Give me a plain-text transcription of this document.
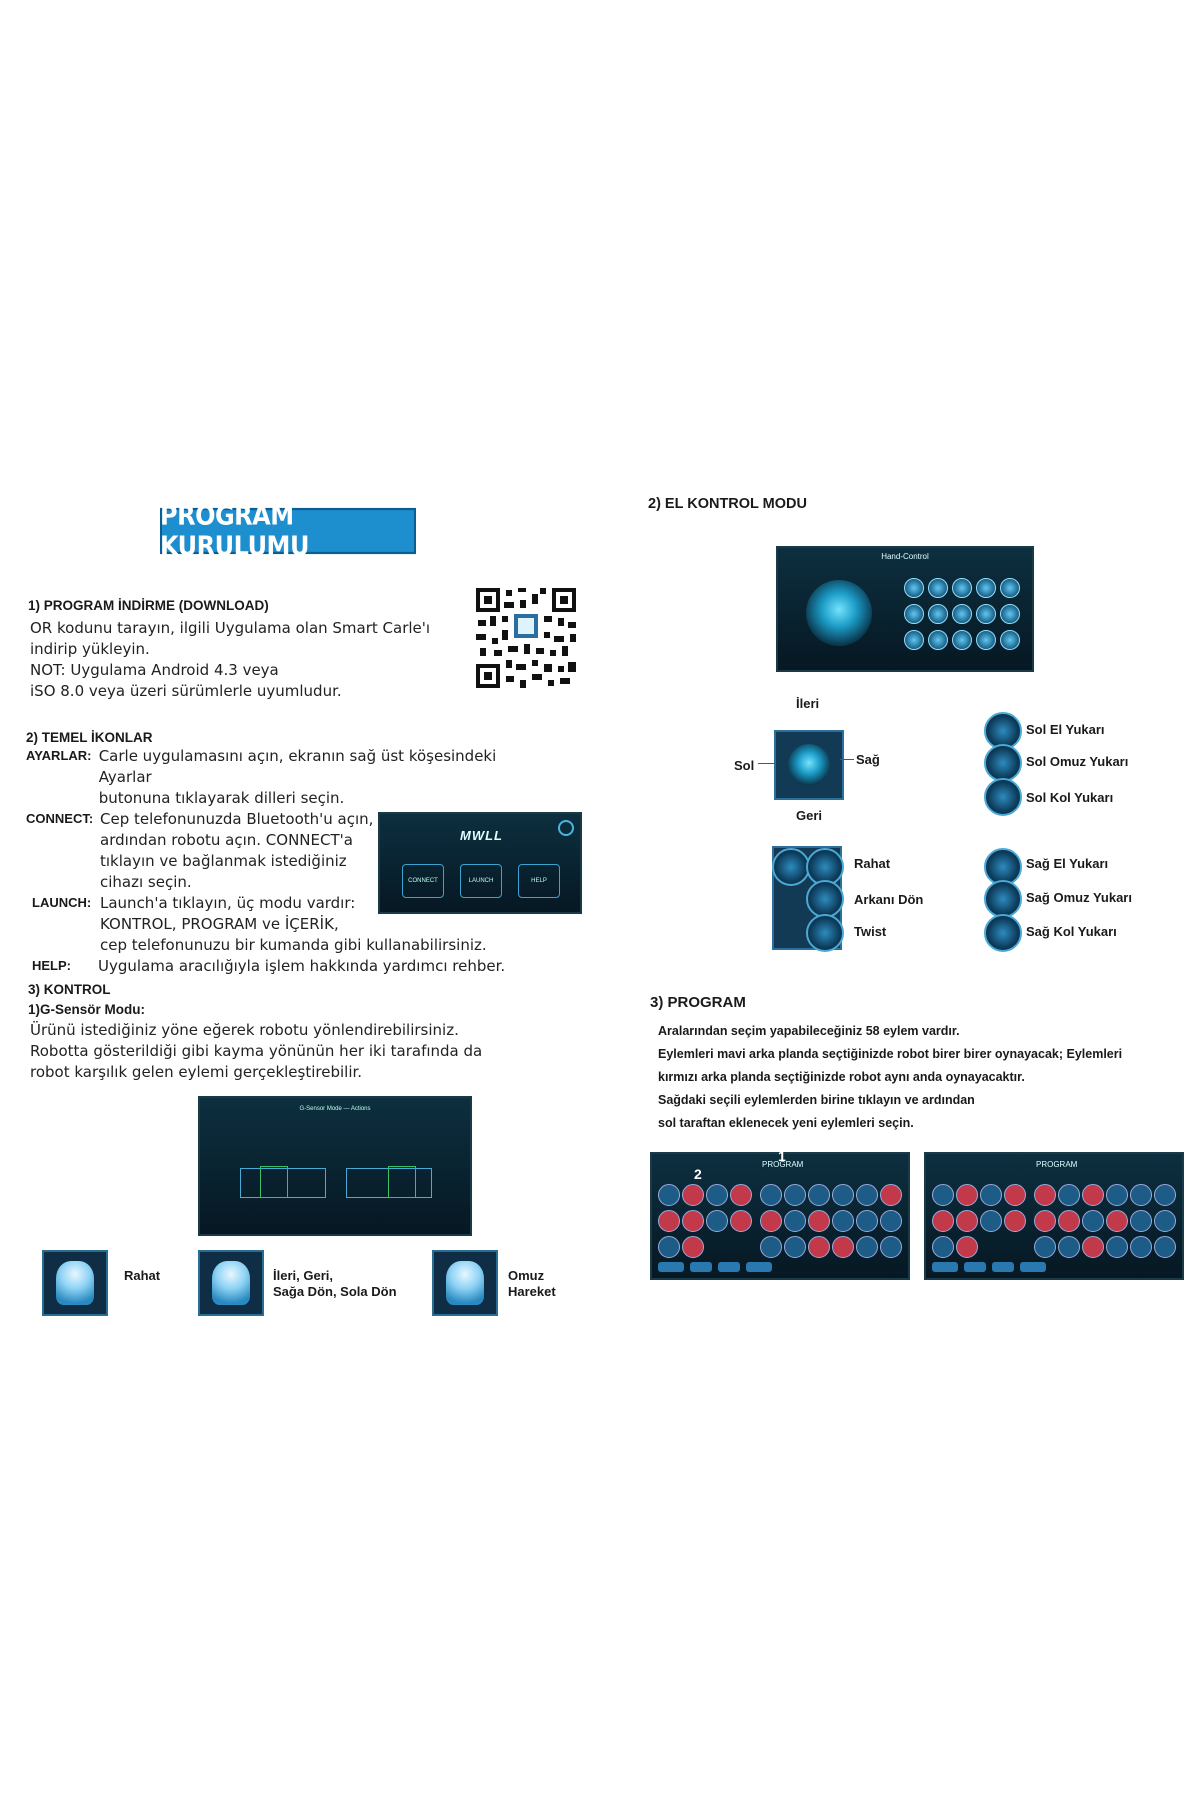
PROGRAM KURULUMU
1) PROGRAM İNDİRME (DOWNLOAD)
OR kodunu tarayın, ilgili Uygulama olan Smart Carle'ı
indirip yükleyin.
NOT: Uygulama Android 4.3 veya
iSO 8.0 veya üzeri sürümlerle uyumludur.
2) TEMEL İKONLAR
AYARLAR: Carle uygulamasını açın, ekranın sağ üst köşesindeki Ayarlar
butonuna tıklayarak dilleri seçin.
CONNECT: Cep telefonunuzda Bluetooth'u açın,
ardından robotu açın. CONNECT'a
tıklayın ve bağlanmak istediğiniz
cihazı seçin.
LAUNCH: Launch'a tıklayın, üç modu vardır:
KONTROL, PROGRAM ve İÇERİK,
cep telefonunuzu bir kumanda gibi kullanabilirsiniz.
HELP:	Uygulama aracılığıyla işlem hakkında yardımcı rehber.
MWLL
CONNECT	LAUNCH	HELP
3) KONTROL
1)G-Sensör Modu:
Ürünü istediğiniz yöne eğerek robotu yönlendirebilirsiniz.
Robotta gösterildiği gibi kayma yönünün her iki tarafında da
robot karşılık gelen eylemi gerçekleştirebilir.
G-Sensor Mode — Actions
Rahat	İleri, Geri,
Sağa Dön, Sola Dön
Omuz
Hareket
2) EL KONTROL MODU
Hand-Control
İleri
Sol	Sağ
Geri
Sol El Yukarı
Sol Omuz Yukarı
Sol Kol Yukarı
Rahat
Arkanı Dön
Twist
Sağ El Yukarı
Sağ Omuz Yukarı
Sağ Kol Yukarı
3) PROGRAM
Aralarından seçim yapabileceğiniz 58 eylem vardır.
Eylemleri mavi arka planda seçtiğinizde robot birer birer oynayacak; Eylemleri
kırmızı arka planda seçtiğinizde robot aynı anda oynayacaktır.
Sağdaki seçili eylemlerden birine tıklayın ve ardından
sol taraftan eklenecek yeni eylemleri seçin.
PROGRAM
1
2
PROGRAM
